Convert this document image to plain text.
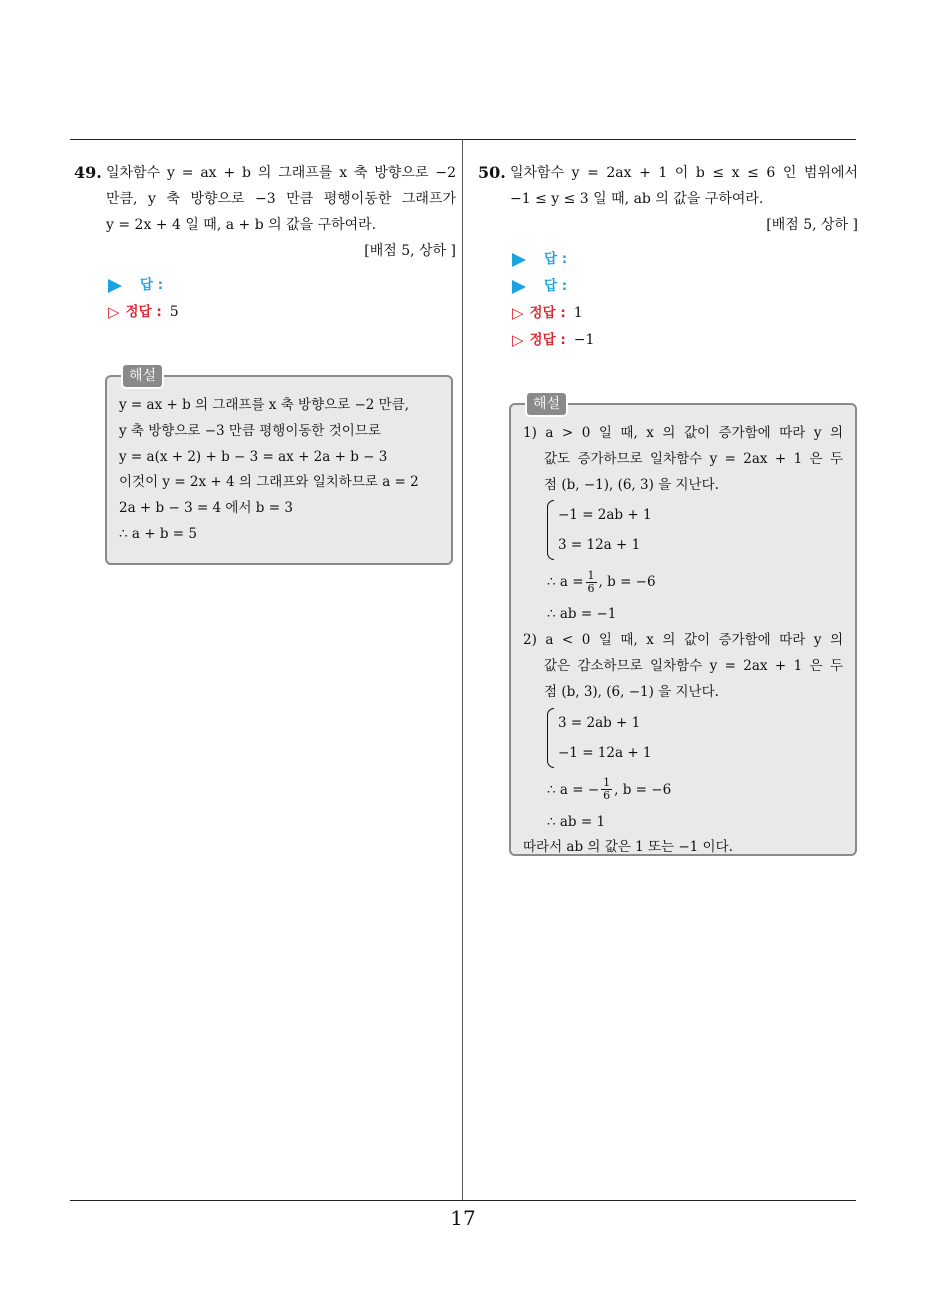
49. 일차함수 y = ax + b 의 그래프를 x 축 방향으로 −2
만큼, y 축 방향으로 −3 만큼 평행이동한 그래프가
y = 2x + 4 일 때, a + b 의 값을 구하여라.
[배점 5, 상하 ]
답 :
▷ 정답 : 5
해설
y = ax + b 의 그래프를 x 축 방향으로 −2 만큼,
y 축 방향으로 −3 만큼 평행이동한 것이므로
y = a(x + 2) + b − 3 = ax + 2a + b − 3
이것이 y = 2x + 4 의 그래프와 일치하므로 a = 2
2a + b − 3 = 4 에서 b = 3
∴ a + b = 5
50. 일차함수 y = 2ax + 1 이 b ≤ x ≤ 6 인 범위에서
−1 ≤ y ≤ 3 일 때, ab 의 값을 구하여라.
[배점 5, 상하 ]
답 :
답 :
▷ 정답 : 1
▷ 정답 : −1
해설
1) a > 0 일 때, x 의 값이 증가함에 따라 y 의
값도 증가하므로 일차함수 y = 2ax + 1 은 두
점 (b, −1), (6, 3) 을 지난다.
−1 = 2ab + 1
3 = 12a + 1
∴ $a = \frac{1}{6}$ , b = −6
∴ ab = −1
2) a < 0 일 때, x 의 값이 증가함에 따라 y 의
값은 감소하므로 일차함수 y = 2ax + 1 은 두
점 (b, 3), (6, −1) 을 지난다.
3 = 2ab + 1
−1 = 12a + 1
∴ a = − $\frac{1}{6}$ , b = −6
∴ ab = 1
따라서 ab 의 값은 1 또는 −1 이다.
17
